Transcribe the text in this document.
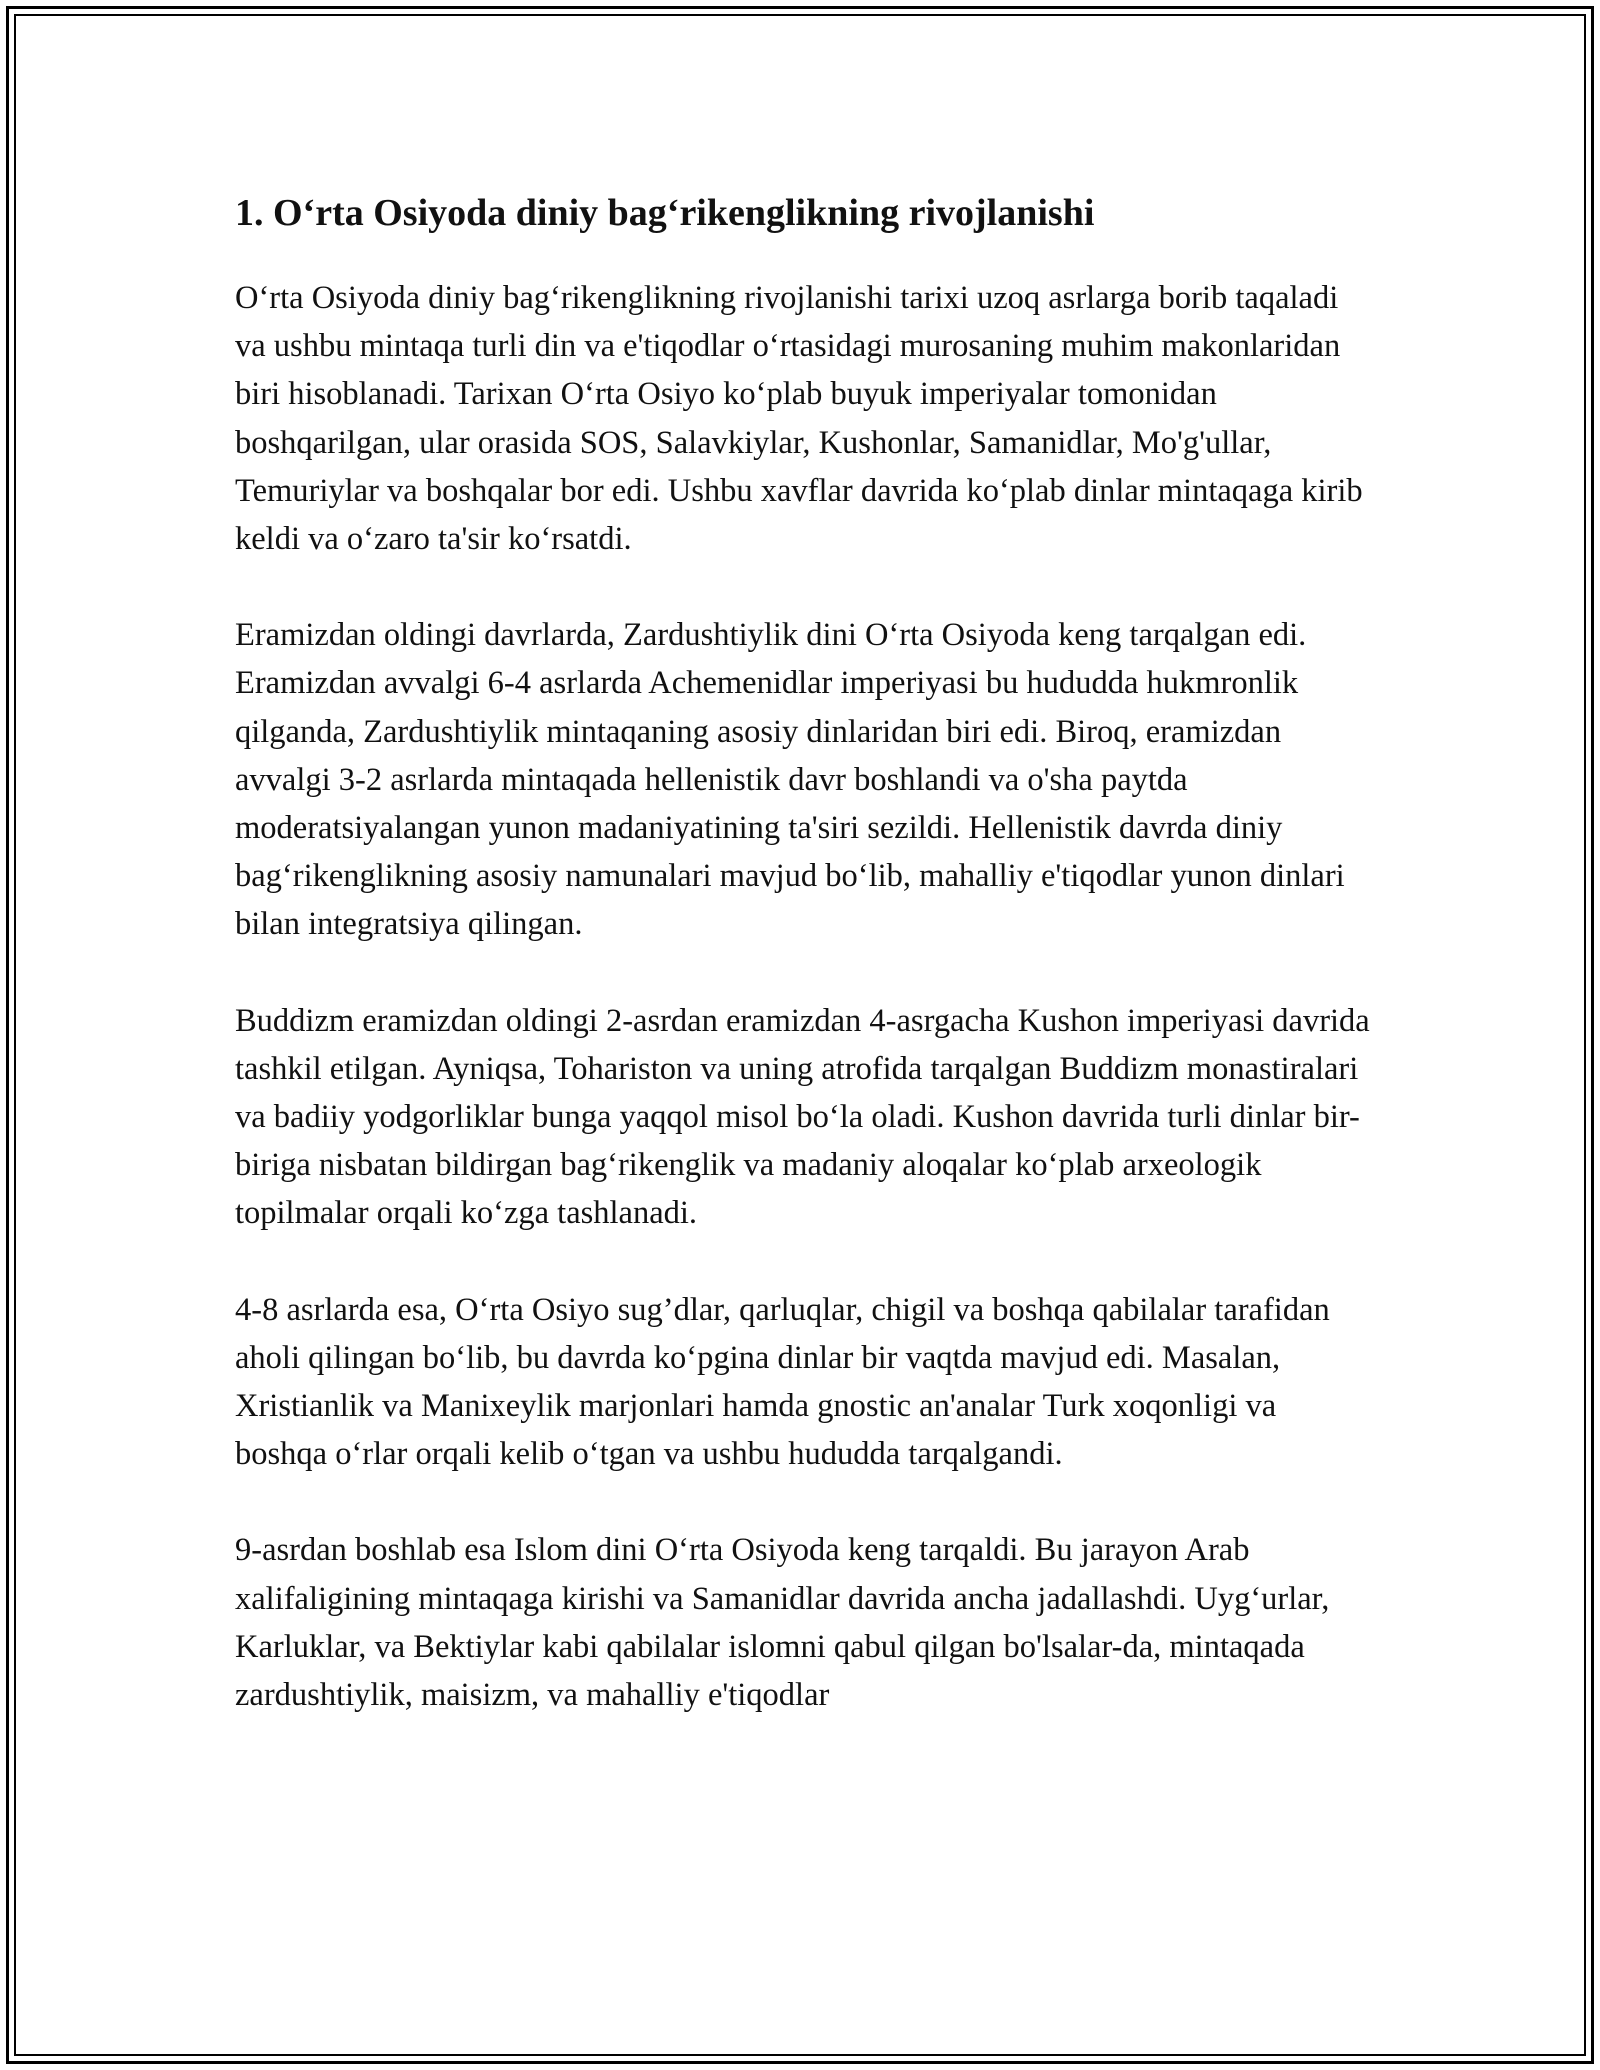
1. O‘rta Osiyoda diniy bag‘rikenglikning rivojlanishi

O‘rta Osiyoda diniy bag‘rikenglikning rivojlanishi tarixi uzoq asrlarga borib taqaladi va ushbu mintaqa turli din va e'tiqodlar o‘rtasidagi murosaning muhim makonlaridan biri hisoblanadi. Tarixan O‘rta Osiyo ko‘plab buyuk imperiyalar tomonidan boshqarilgan, ular orasida SOS, Salavkiylar, Kushonlar, Samanidlar, Mo'g'ullar, Temuriylar va boshqalar bor edi. Ushbu xavflar davrida ko‘plab dinlar mintaqaga kirib keldi va o‘zaro ta'sir ko‘rsatdi.

Eramizdan oldingi davrlarda, Zardushtiylik dini O‘rta Osiyoda keng tarqalgan edi. Eramizdan avvalgi 6-4 asrlarda Achemenidlar imperiyasi bu hududda hukmronlik qilganda, Zardushtiylik mintaqaning asosiy dinlaridan biri edi. Biroq, eramizdan avvalgi 3-2 asrlarda mintaqada hellenistik davr boshlandi va o'sha paytda moderatsiyalangan yunon madaniyatining ta'siri sezildi. Hellenistik davrda diniy bag‘rikenglikning asosiy namunalari mavjud bo‘lib, mahalliy e'tiqodlar yunon dinlari bilan integratsiya qilingan.

Buddizm eramizdan oldingi 2-asrdan eramizdan 4-asrgacha Kushon imperiyasi davrida tashkil etilgan. Ayniqsa, Tohariston va uning atrofida tarqalgan Buddizm monastiralari va badiiy yodgorliklar bunga yaqqol misol bo‘la oladi. Kushon davrida turli dinlar bir-biriga nisbatan bildirgan bag‘rikenglik va madaniy aloqalar ko‘plab arxeologik topilmalar orqali ko‘zga tashlanadi.

4-8 asrlarda esa, O‘rta Osiyo sug’dlar, qarluqlar, chigil va boshqa qabilalar tarafidan aholi qilingan bo‘lib, bu davrda ko‘pgina dinlar bir vaqtda mavjud edi. Masalan, Xristianlik va Manixeylik marjonlari hamda gnostic an'analar Turk xoqonligi va boshqa o‘rlar orqali kelib o‘tgan va ushbu hududda tarqalgandi.

9-asrdan boshlab esa Islom dini O‘rta Osiyoda keng tarqaldi. Bu jarayon Arab xalifaligining mintaqaga kirishi va Samanidlar davrida ancha jadallashdi. Uyg‘urlar, Karluklar, va Bektiylar kabi qabilalar islomni qabul qilgan bo'lsalar-da, mintaqada zardushtiylik, maisizm, va mahalliy e'tiqodlar
